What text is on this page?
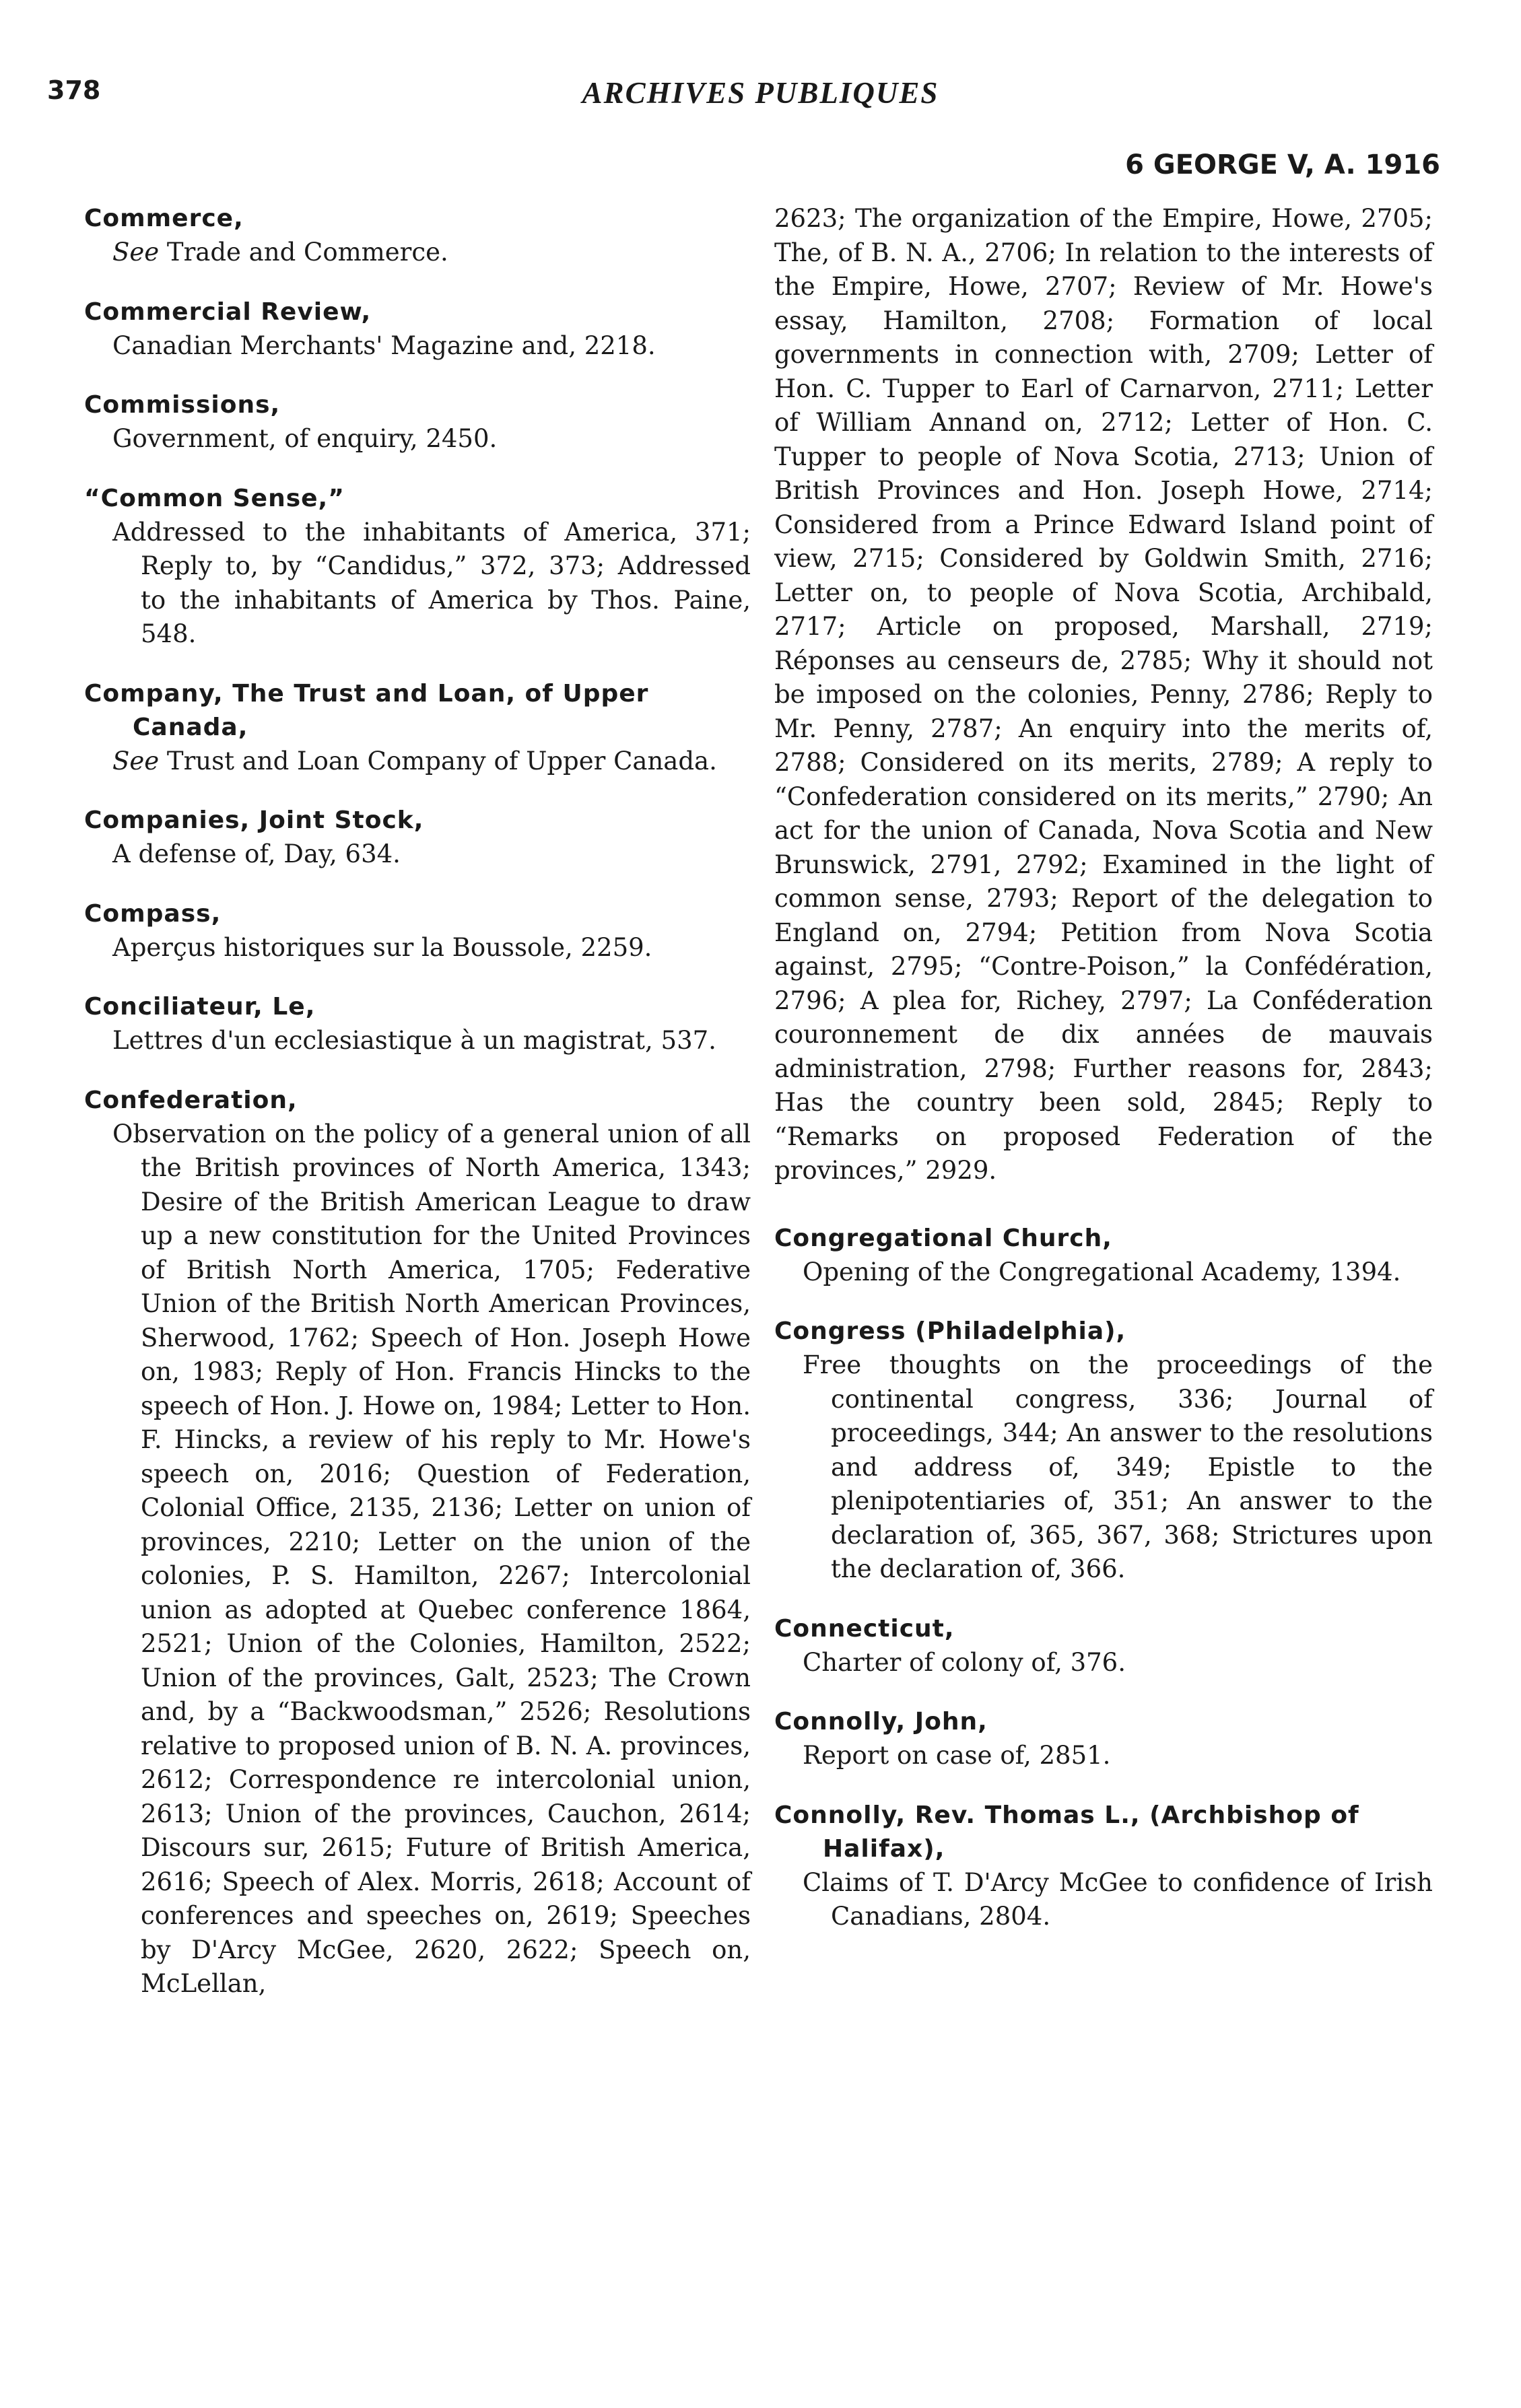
378	ARCHIVES PUBLIQUES
6 GEORGE V, A. 1916
Commerce,
See Trade and Commerce.
Commercial Review,
Canadian Merchants' Magazine and, 2218.
Commissions,
Government, of enquiry, 2450.
“Common Sense,”
Addressed to the inhabitants of America, 371; Reply to, by “Candidus,” 372, 373; Addressed to the inhabitants of America by Thos. Paine, 548.
Company, The Trust and Loan, of Upper Canada,
See Trust and Loan Company of Upper Canada.
Companies, Joint Stock,
A defense of, Day, 634.
Compass,
Aperçus historiques sur la Boussole, 2259.
Conciliateur, Le,
Lettres d'un ecclesiastique à un magistrat, 537.
Confederation,
Observation on the policy of a general union of all the British provinces of North America, 1343; Desire of the British American League to draw up a new constitution for the United Provinces of British North America, 1705; Federative Union of the British North American Provinces, Sherwood, 1762; Speech of Hon. Joseph Howe on, 1983; Reply of Hon. Francis Hincks to the speech of Hon. J. Howe on, 1984; Letter to Hon. F. Hincks, a review of his reply to Mr. Howe's speech on, 2016; Question of Federation, Colonial Office, 2135, 2136; Letter on union of provinces, 2210; Letter on the union of the colonies, P. S. Hamilton, 2267; Intercolonial union as adopted at Quebec conference 1864, 2521; Union of the Colonies, Hamilton, 2522; Union of the provinces, Galt, 2523; The Crown and, by a “Backwoodsman,” 2526; Resolutions relative to proposed union of B. N. A. provinces, 2612; Correspondence re intercolonial union, 2613; Union of the provinces, Cauchon, 2614; Discours sur, 2615; Future of British America, 2616; Speech of Alex. Morris, 2618; Account of conferences and speeches on, 2619; Speeches by D'Arcy McGee, 2620, 2622; Speech on, McLellan,
2623; The organization of the Empire, Howe, 2705; The, of B. N. A., 2706; In relation to the interests of the Empire, Howe, 2707; Review of Mr. Howe's essay, Hamilton, 2708; Formation of local governments in connection with, 2709; Letter of Hon. C. Tupper to Earl of Carnarvon, 2711; Letter of William Annand on, 2712; Letter of Hon. C. Tupper to people of Nova Scotia, 2713; Union of British Provinces and Hon. Joseph Howe, 2714; Considered from a Prince Edward Island point of view, 2715; Considered by Goldwin Smith, 2716; Letter on, to people of Nova Scotia, Archibald, 2717; Article on proposed, Marshall, 2719; Réponses au censeurs de, 2785; Why it should not be imposed on the colonies, Penny, 2786; Reply to Mr. Penny, 2787; An enquiry into the merits of, 2788; Considered on its merits, 2789; A reply to “Confederation considered on its merits,” 2790; An act for the union of Canada, Nova Scotia and New Brunswick, 2791, 2792; Examined in the light of common sense, 2793; Report of the delegation to England on, 2794; Petition from Nova Scotia against, 2795; “Contre-Poison,” la Confédération, 2796; A plea for, Richey, 2797; La Conféderation couronnement de dix années de mauvais administration, 2798; Further reasons for, 2843; Has the country been sold, 2845; Reply to “Remarks on proposed Federation of the provinces,” 2929.
Congregational Church,
Opening of the Congregational Academy, 1394.
Congress (Philadelphia),
Free thoughts on the proceedings of the continental congress, 336; Journal of proceedings, 344; An answer to the resolutions and address of, 349; Epistle to the plenipotentiaries of, 351; An answer to the declaration of, 365, 367, 368; Strictures upon the declaration of, 366.
Connecticut,
Charter of colony of, 376.
Connolly, John,
Report on case of, 2851.
Connolly, Rev. Thomas L., (Archbishop of Halifax),
Claims of T. D'Arcy McGee to confidence of Irish Canadians, 2804.
